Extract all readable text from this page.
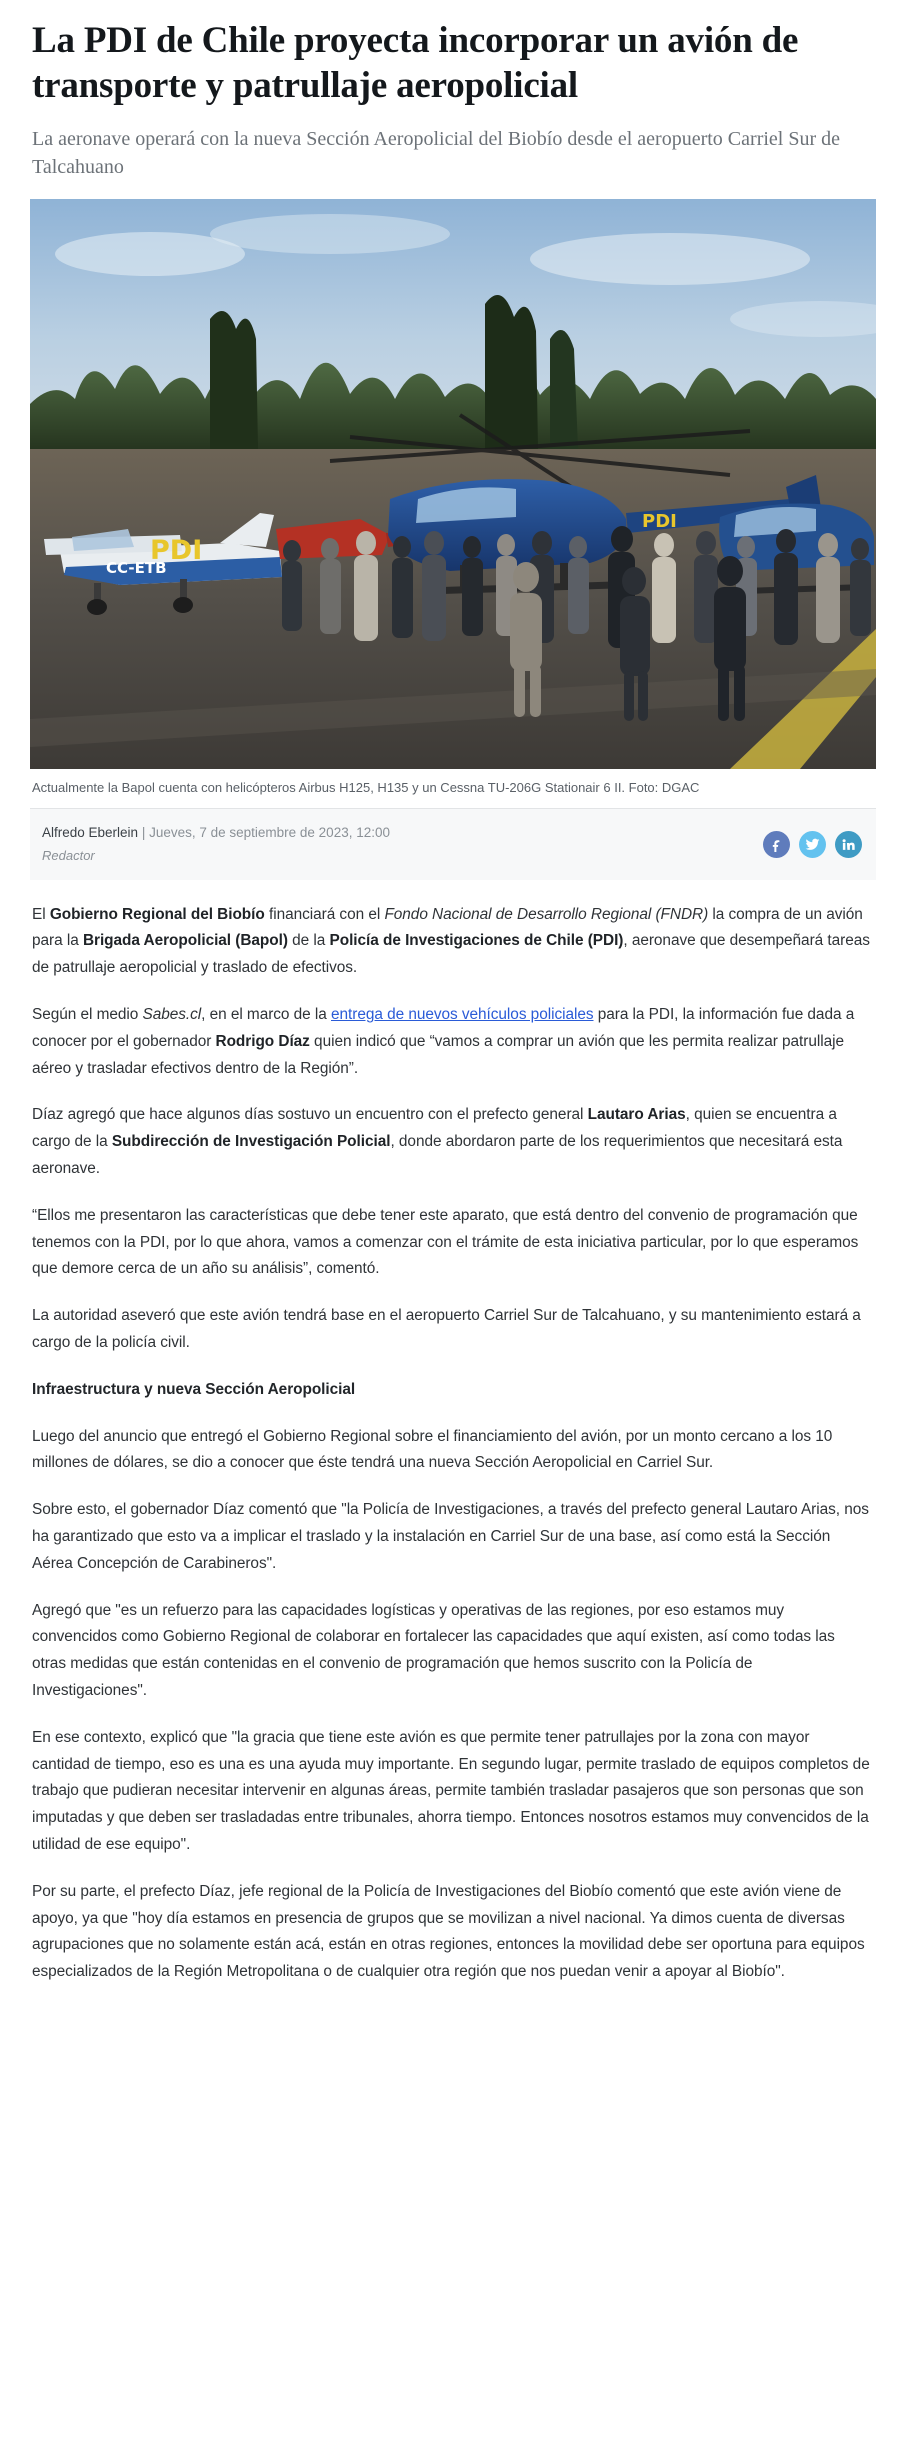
La PDI de Chile proyecta incorporar un avión de transporte y patrullaje aeropolicial

La aeronave operará con la nueva Sección Aeropolicial del Biobío desde el aeropuerto Carriel Sur de Talcahuano

CC-ETB
PDI
PDI
Actualmente la Bapol cuenta con helicópteros Airbus H125, H135 y un Cessna TU-206G Stationair 6 II. Foto: DGAC
Alfredo Eberlein | Jueves, 7 de septiembre de 2023, 12:00
Redactor

El Gobierno Regional del Biobío financiará con el Fondo Nacional de Desarrollo Regional (FNDR) la compra de un avión para la Brigada Aeropolicial (Bapol) de la Policía de Investigaciones de Chile (PDI), aeronave que desempeñará tareas de patrullaje aeropolicial y traslado de efectivos.

Según el medio Sabes.cl, en el marco de la entrega de nuevos vehículos policiales para la PDI, la información fue dada a conocer por el gobernador Rodrigo Díaz quien indicó que “vamos a comprar un avión que les permita realizar patrullaje aéreo y trasladar efectivos dentro de la Región”.

Díaz agregó que hace algunos días sostuvo un encuentro con el prefecto general Lautaro Arias, quien se encuentra a cargo de la Subdirección de Investigación Policial, donde abordaron parte de los requerimientos que necesitará esta aeronave.

“Ellos me presentaron las características que debe tener este aparato, que está dentro del convenio de programación que tenemos con la PDI, por lo que ahora, vamos a comenzar con el trámite de esta iniciativa particular, por lo que esperamos que demore cerca de un año su análisis”, comentó.

La autoridad aseveró que este avión tendrá base en el aeropuerto Carriel Sur de Talcahuano, y su mantenimiento estará a cargo de la policía civil.

Infraestructura y nueva Sección Aeropolicial

Luego del anuncio que entregó el Gobierno Regional sobre el financiamiento del avión, por un monto cercano a los 10 millones de dólares, se dio a conocer que éste tendrá una nueva Sección Aeropolicial en Carriel Sur.

Sobre esto, el gobernador Díaz comentó que "la Policía de Investigaciones, a través del prefecto general Lautaro Arias, nos ha garantizado que esto va a implicar el traslado y la instalación en Carriel Sur de una base, así como está la Sección Aérea Concepción de Carabineros".

Agregó que "es un refuerzo para las capacidades logísticas y operativas de las regiones, por eso estamos muy convencidos como Gobierno Regional de colaborar en fortalecer las capacidades que aquí existen, así como todas las otras medidas que están contenidas en el convenio de programación que hemos suscrito con la Policía de Investigaciones".

En ese contexto, explicó que "la gracia que tiene este avión es que permite tener patrullajes por la zona con mayor cantidad de tiempo, eso es una es una ayuda muy importante. En segundo lugar, permite traslado de equipos completos de trabajo que pudieran necesitar intervenir en algunas áreas, permite también trasladar pasajeros que son personas que son imputadas y que deben ser trasladadas entre tribunales, ahorra tiempo. Entonces nosotros estamos muy convencidos de la utilidad de ese equipo".

Por su parte, el prefecto Díaz, jefe regional de la Policía de Investigaciones del Biobío comentó que este avión viene de apoyo, ya que "hoy día estamos en presencia de grupos que se movilizan a nivel nacional. Ya dimos cuenta de diversas agrupaciones que no solamente están acá, están en otras regiones, entonces la movilidad debe ser oportuna para equipos especializados de la Región Metropolitana o de cualquier otra región que nos puedan venir a apoyar al Biobío".
